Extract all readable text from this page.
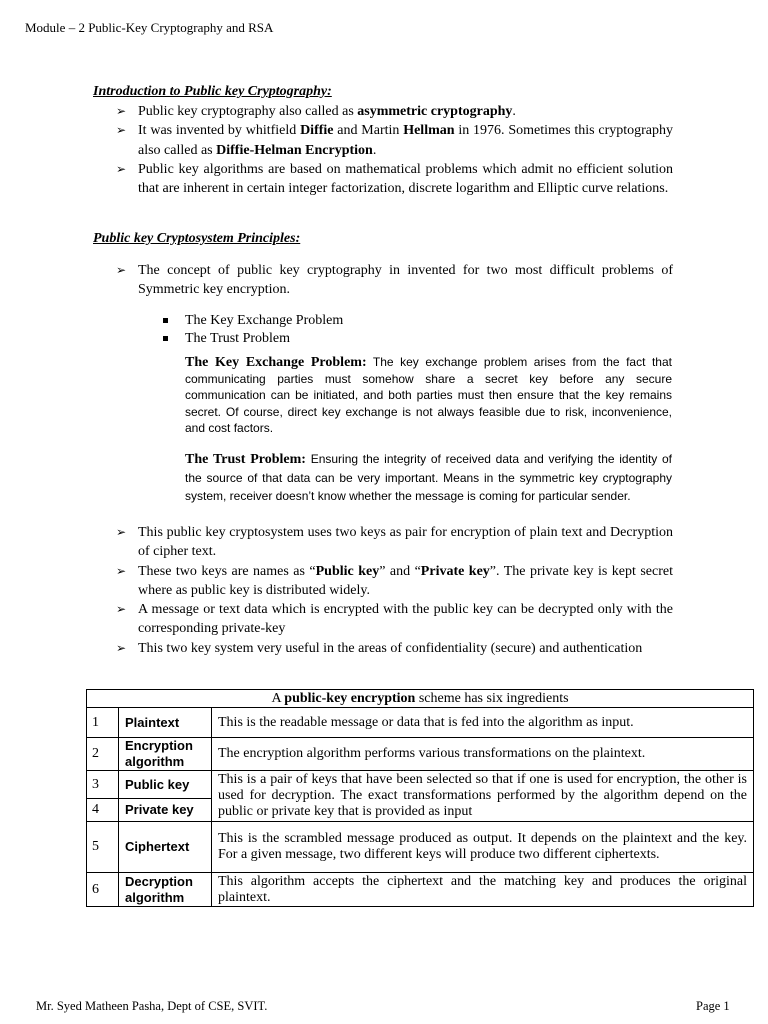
Module – 2 Public-Key Cryptography and RSA
Introduction to Public key Cryptography:
➢ Public key cryptography also called as asymmetric cryptography.
➢ It was invented by whitfield Diffie and Martin Hellman in 1976. Sometimes this cryptography also called as Diffie-Helman Encryption.
➢ Public key algorithms are based on mathematical problems which admit no efficient solution that are inherent in certain integer factorization, discrete logarithm and Elliptic curve relations.
Public key Cryptosystem Principles:
➢ The concept of public key cryptography in invented for two most difficult problems of Symmetric key encryption.
The Key Exchange Problem
The Trust Problem
The Key Exchange Problem: The key exchange problem arises from the fact that communicating parties must somehow share a secret key before any secure communication can be initiated, and both parties must then ensure that the key remains secret. Of course, direct key exchange is not always feasible due to risk, inconvenience, and cost factors.
The Trust Problem: Ensuring the integrity of received data and verifying the identity of the source of that data can be very important. Means in the symmetric key cryptography system, receiver doesn’t know whether the message is coming for particular sender.
➢ This public key cryptosystem uses two keys as pair for encryption of plain text and Decryption of cipher text.
➢ These two keys are names as “Public key” and “Private key”. The private key is kept secret where as public key is distributed widely.
➢ A message or text data which is encrypted with the public key can be decrypted only with the corresponding private-key
➢ This two key system very useful in the areas of confidentiality (secure) and authentication
A public-key encryption scheme has six ingredients		
1	Plaintext	This is the readable message or data that is fed into the algorithm as input.
2	Encryption algorithm	The encryption algorithm performs various transformations on the plaintext.
3	Public key	This is a pair of keys that have been selected so that if one is used for encryption, the other is used for decryption. The exact transformations performed by the algorithm depend on the public or private key that is provided as input
4	Private key	
5	Ciphertext	This is the scrambled message produced as output. It depends on the plaintext and the key. For a given message, two different keys will produce two different ciphertexts.
6	Decryption algorithm	This algorithm accepts the ciphertext and the matching key and produces the original plaintext.
Mr. Syed Matheen Pasha, Dept of CSE, SVIT.	Page 1
